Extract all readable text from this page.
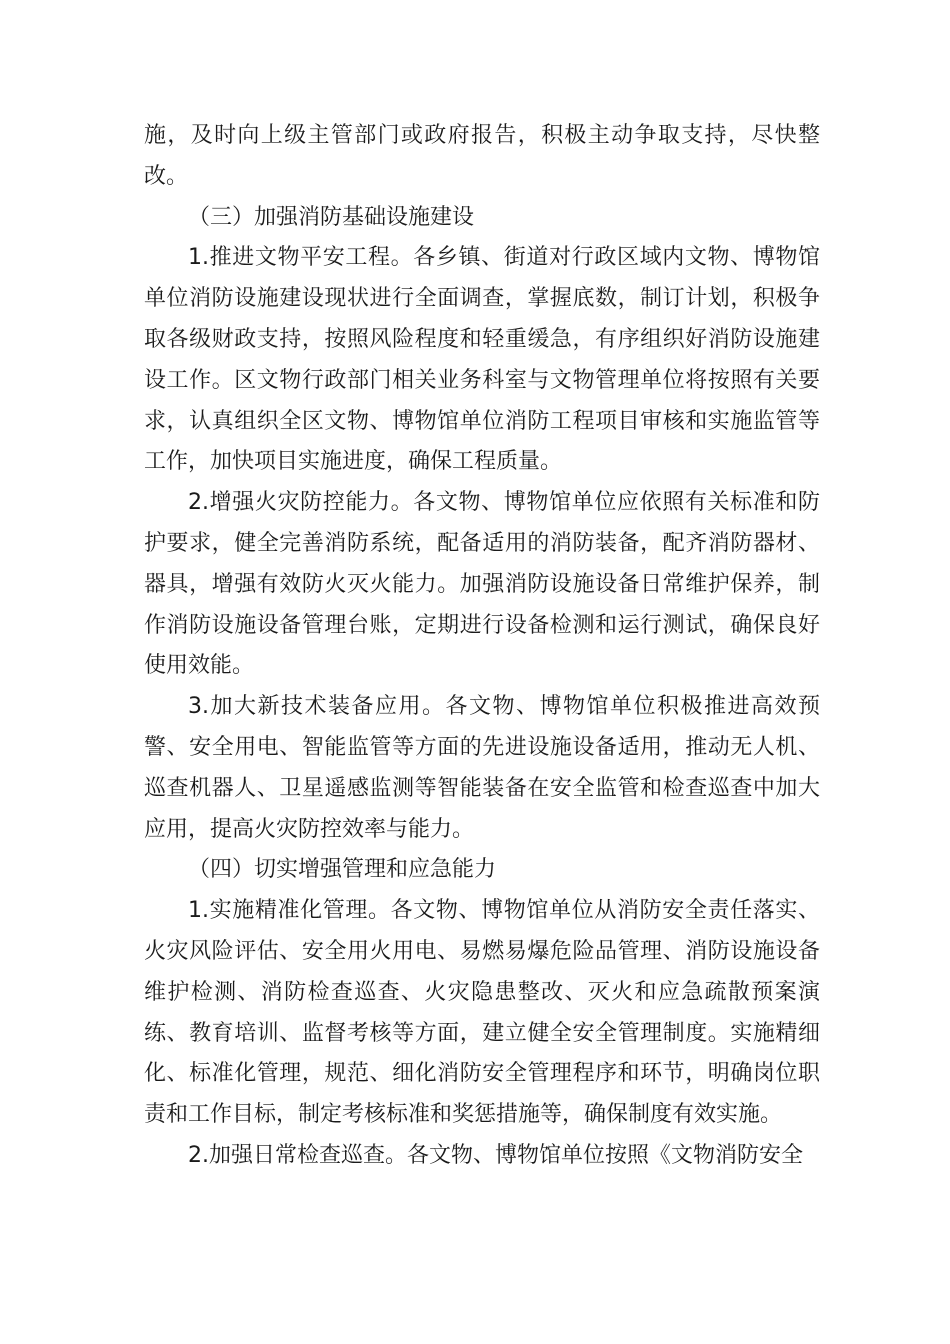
施，及时向上级主管部门或政府报告，积极主动争取支持，尽快整改。

（三）加强消防基础设施建设

1.推进文物平安工程。各乡镇、街道对行政区域内文物、博物馆单位消防设施建设现状进行全面调查，掌握底数，制订计划，积极争取各级财政支持，按照风险程度和轻重缓急，有序组织好消防设施建设工作。区文物行政部门相关业务科室与文物管理单位将按照有关要求，认真组织全区文物、博物馆单位消防工程项目审核和实施监管等工作，加快项目实施进度，确保工程质量。

2.增强火灾防控能力。各文物、博物馆单位应依照有关标准和防护要求，健全完善消防系统，配备适用的消防装备，配齐消防器材、器具，增强有效防火灭火能力。加强消防设施设备日常维护保养，制作消防设施设备管理台账，定期进行设备检测和运行测试，确保良好使用效能。

3.加大新技术装备应用。各文物、博物馆单位积极推进高效预警、安全用电、智能监管等方面的先进设施设备适用，推动无人机、巡查机器人、卫星遥感监测等智能装备在安全监管和检查巡查中加大应用，提高火灾防控效率与能力。

（四）切实增强管理和应急能力

1.实施精准化管理。各文物、博物馆单位从消防安全责任落实、火灾风险评估、安全用火用电、易燃易爆危险品管理、消防设施设备维护检测、消防检查巡查、火灾隐患整改、灭火和应急疏散预案演练、教育培训、监督考核等方面，建立健全安全管理制度。实施精细化、标准化管理，规范、细化消防安全管理程序和环节，明确岗位职责和工作目标，制定考核标准和奖惩措施等，确保制度有效实施。

2.加强日常检查巡查。各文物、博物馆单位按照《文物消防安全
